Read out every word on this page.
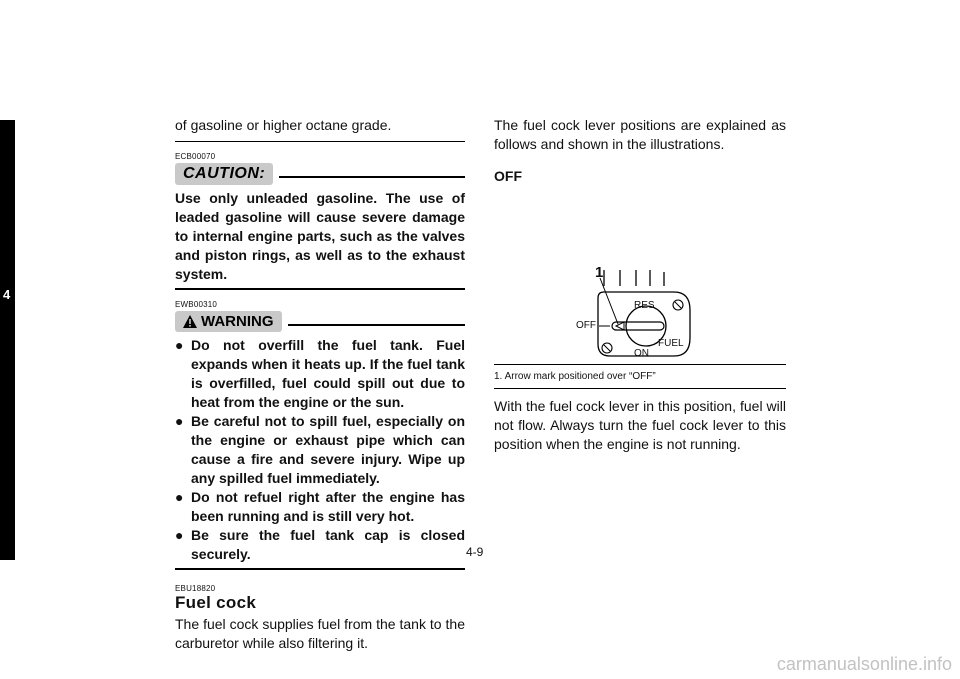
4
of gasoline or higher octane grade.
ECB00070
CAUTION:
Use only unleaded gasoline. The use of leaded gasoline will cause severe damage to internal engine parts, such as the valves and piston rings, as well as to the exhaust system.
EWB00310
WARNING
● Do not overfill the fuel tank. Fuel expands when it heats up. If the fuel tank is overfilled, fuel could spill out due to heat from the engine or the sun.
● Be careful not to spill fuel, especially on the engine or exhaust pipe which can cause a fire and severe injury. Wipe up any spilled fuel immediately.
● Do not refuel right after the engine has been running and is still very hot.
● Be sure the fuel tank cap is closed securely.
EBU18820
Fuel cock
The fuel cock supplies fuel from the tank to the carburetor while also filtering it.
The fuel cock lever positions are explained as follows and shown in the illustrations.
OFF
1
RES
OFF
FUEL
ON
1. Arrow mark positioned over “OFF”
With the fuel cock lever in this position, fuel will not flow. Always turn the fuel cock lever to this position when the engine is not running.
4-9
carmanualsonline.info
